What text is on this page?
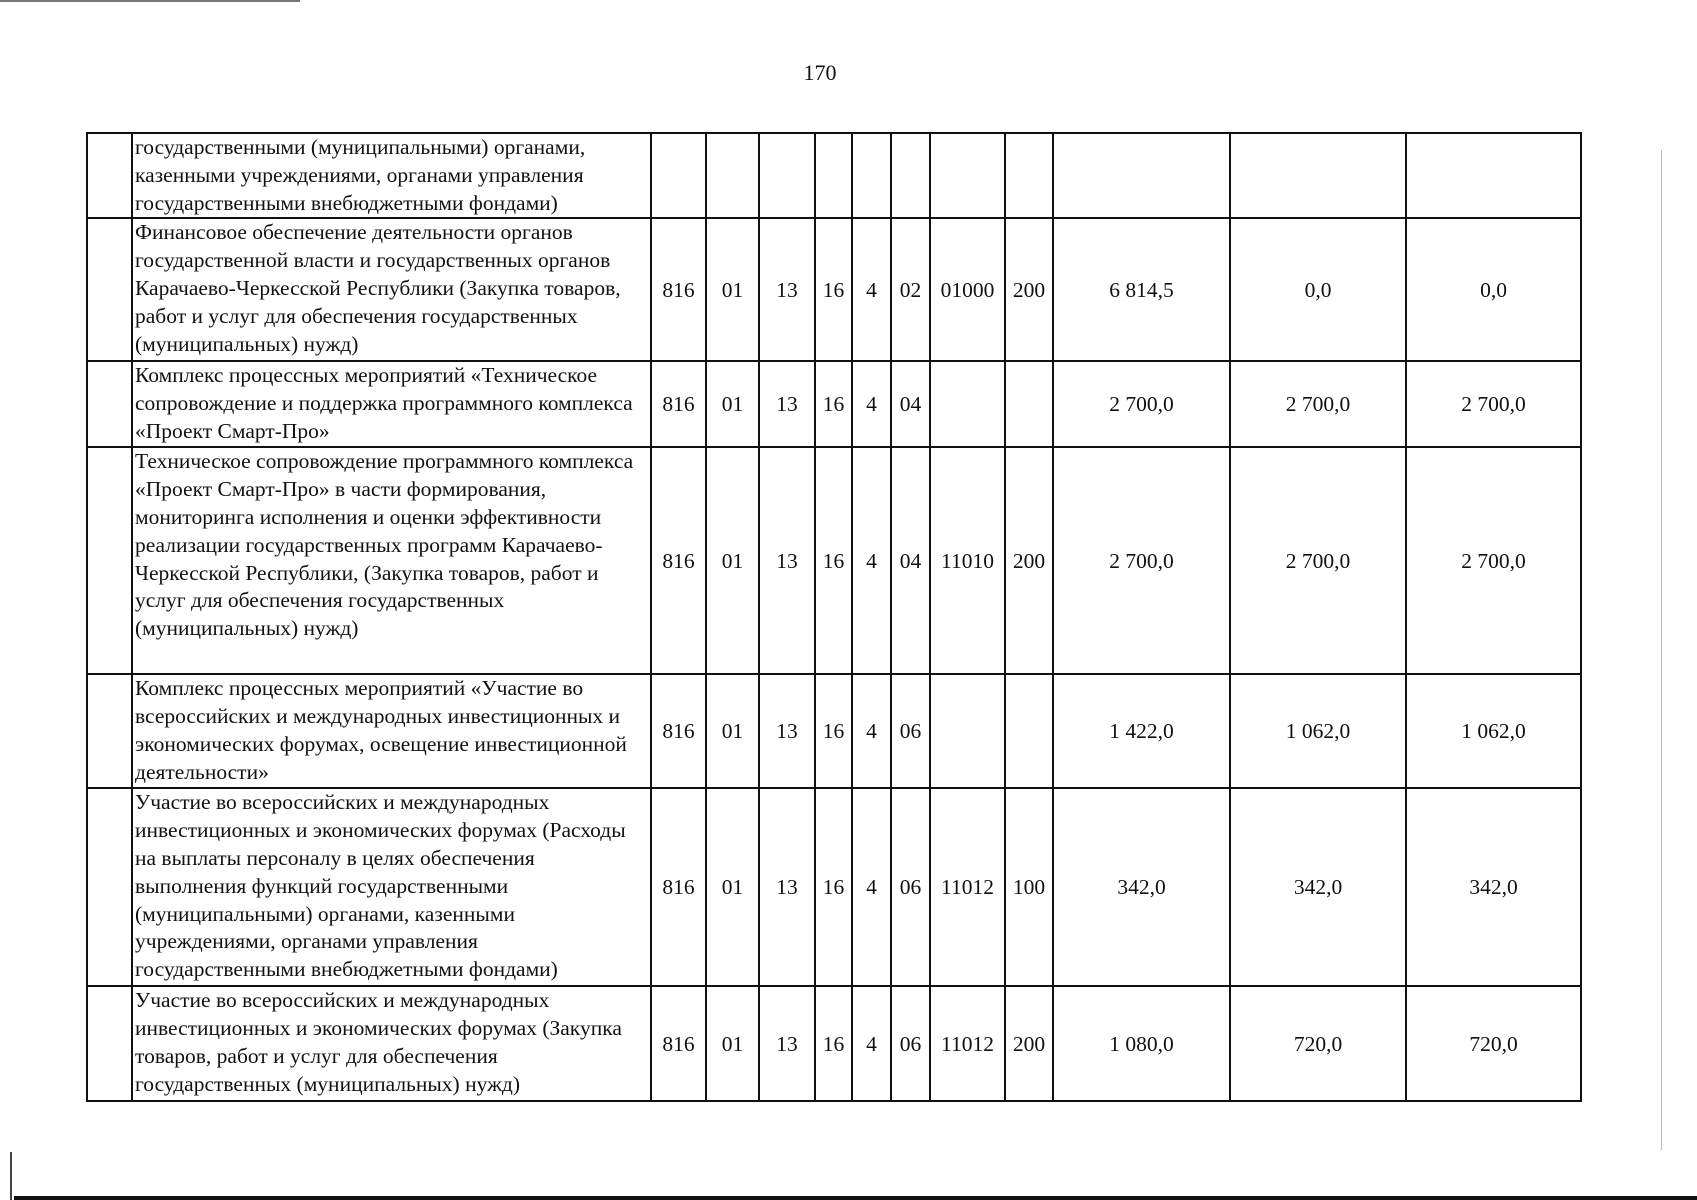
170
	государственными (муниципальными) органами, казенными учреждениями, органами управления государственными внебюджетными фондами)											
	Финансовое обеспечение деятельности органов государственной власти и государственных органов Карачаево-Черкесской Республики (Закупка товаров, работ и услуг для обеспечения государственных (муниципальных) нужд)	816	01	13	16	4	02	01000	200	6 814,5	0,0	0,0
	Комплекс процессных мероприятий «Техническое сопровождение и поддержка программного комплекса «Проект Смарт-Про»	816	01	13	16	4	04			2 700,0	2 700,0	2 700,0
	Техническое сопровождение программного комплекса «Проект Смарт-Про» в части формирования, мониторинга исполнения и оценки эффективности реализации государственных программ Карачаево-Черкесской Республики, (Закупка товаров, работ и услуг для обеспечения государственных (муниципальных) нужд)	816	01	13	16	4	04	11010	200	2 700,0	2 700,0	2 700,0
	Комплекс процессных мероприятий «Участие во всероссийских и международных инвестиционных и экономических форумах, освещение инвестиционной деятельности»	816	01	13	16	4	06			1 422,0	1 062,0	1 062,0
	Участие во всероссийских и международных инвестиционных и экономических форумах (Расходы на выплаты персоналу в целях обеспечения выполнения функций государственными (муниципальными) органами, казенными учреждениями, органами управления государственными внебюджетными фондами)	816	01	13	16	4	06	11012	100	342,0	342,0	342,0
	Участие во всероссийских и международных инвестиционных и экономических форумах (Закупка товаров, работ и услуг для обеспечения государственных (муниципальных) нужд)	816	01	13	16	4	06	11012	200	1 080,0	720,0	720,0
